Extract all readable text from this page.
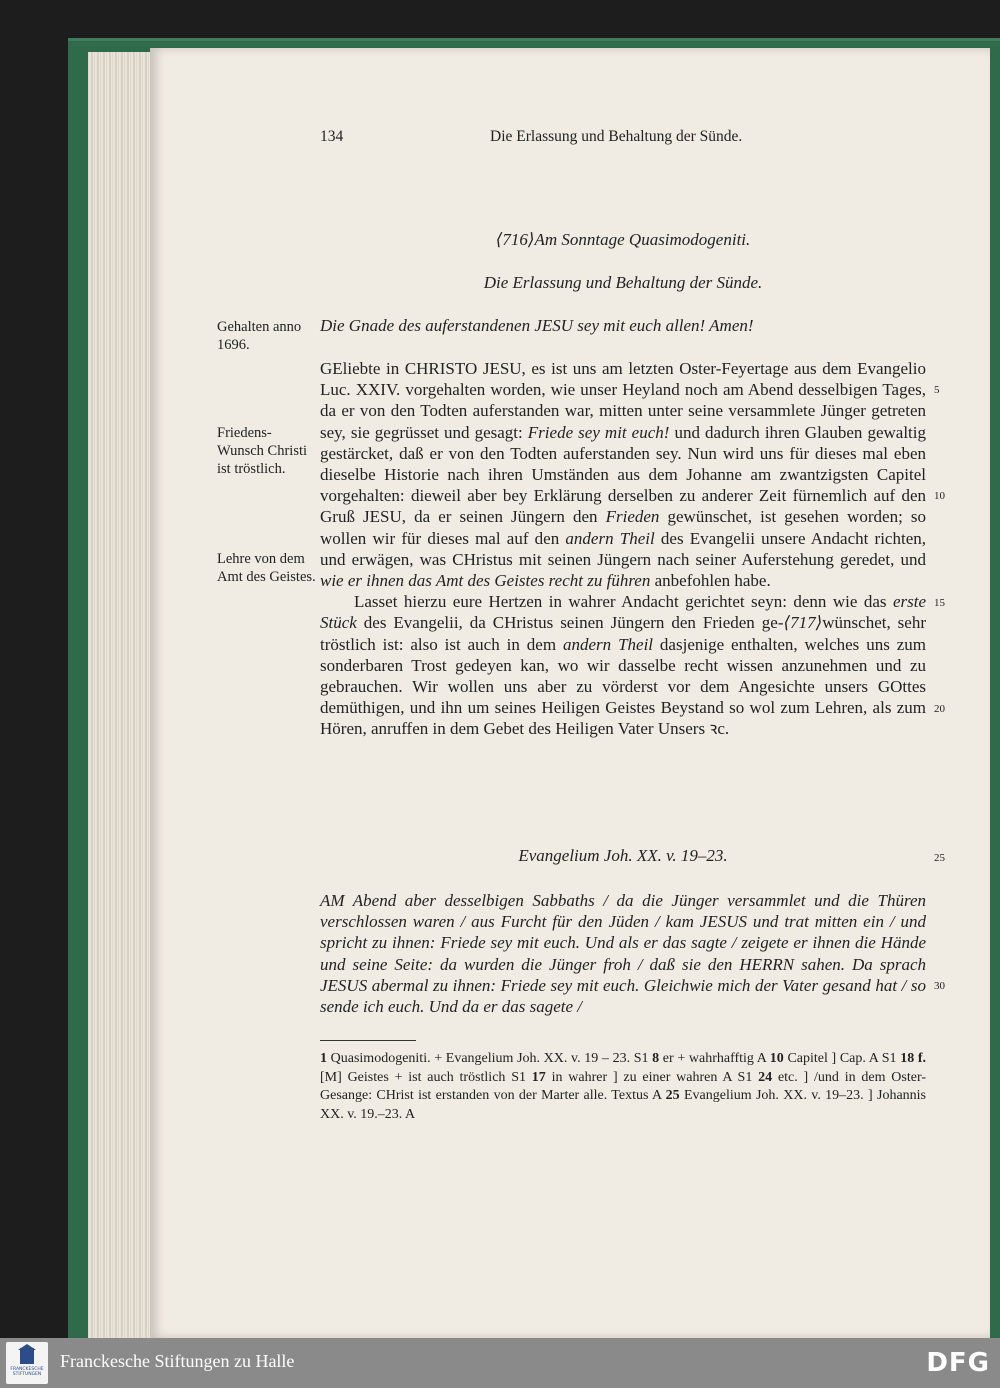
134	Die Erlassung und Behaltung der Sünde.
⟨716⟩Am Sonntage Quasimodogeniti.
Die Erlassung und Behaltung der Sünde.
Die Gnade des auferstandenen JESU sey mit euch allen! Amen!
Gehalten anno 1696.
Friedens-Wunsch Christi ist tröstlich.
Lehre von dem Amt des Geistes.

GEliebte in CHRISTO JESU, es ist uns am letzten Oster-Feyertage aus dem Evangelio Luc. XXIV. vorgehalten worden, wie unser Heyland noch am Abend desselbigen Tages, da er von den Todten auferstanden war, mitten unter seine versammlete Jünger getreten sey, sie gegrüsset und gesagt: Friede sey mit euch! und dadurch ihren Glauben gewaltig gestärcket, daß er von den Todten auferstanden sey. Nun wird uns für dieses mal eben dieselbe Historie nach ihren Umständen aus dem Johanne am zwantzigsten Capitel vorgehalten: dieweil aber bey Erklärung derselben zu anderer Zeit fürnemlich auf den Gruß JESU, da er seinen Jüngern den Frieden gewünschet, ist gesehen worden; so wollen wir für dieses mal auf den andern Theil des Evangelii unsere Andacht richten, und erwägen, was CHristus mit seinen Jüngern nach seiner Auferstehung geredet, und wie er ihnen das Amt des Geistes recht zu führen anbefohlen habe.

Lasset hierzu eure Hertzen in wahrer Andacht gerichtet seyn: denn wie das erste Stück des Evangelii, da CHristus seinen Jüngern den Frieden ge-⟨717⟩wünschet, sehr tröstlich ist: also ist auch in dem andern Theil dasjenige enthalten, welches uns zum sonderbaren Trost gedeyen kan, wo wir dasselbe recht wissen anzunehmen und zu gebrauchen. Wir wollen uns aber zu vörderst vor dem Angesichte unsers GOttes demüthigen, und ihn um seines Heiligen Geistes Beystand so wol zum Lehren, als zum Hören, anruffen in dem Gebet des Heiligen Vater Unsers ꝛc.

Evangelium Joh. XX. v. 19–23.
AM Abend aber desselbigen Sabbaths / da die Jünger versammlet und die Thüren verschlossen waren / aus Furcht für den Jüden / kam JESUS und trat mitten ein / und spricht zu ihnen: Friede sey mit euch. Und als er das sagte / zeigete er ihnen die Hände und seine Seite: da wurden die Jünger froh / daß sie den HERRN sahen. Da sprach JESUS abermal zu ihnen: Friede sey mit euch. Gleichwie mich der Vater gesand hat / so sende ich euch. Und da er das sagete /
5
10
15
20
25
30
1 Quasimodogeniti. + Evangelium Joh. XX. v. 19 – 23. S1 8 er + wahrhafftig A 10 Capitel ] Cap. A S1 18 f. [M] Geistes + ist auch tröstlich S1 17 in wahrer ] zu einer wahren A S1 24 etc. ] /und in dem Oster-Gesange: CHrist ist erstanden von der Marter alle. Textus A 25 Evangelium Joh. XX. v. 19–23. ] Johannis XX. v. 19.–23. A
FRANCKESCHE STIFTUNGEN
Franckesche Stiftungen zu Halle	DFG
